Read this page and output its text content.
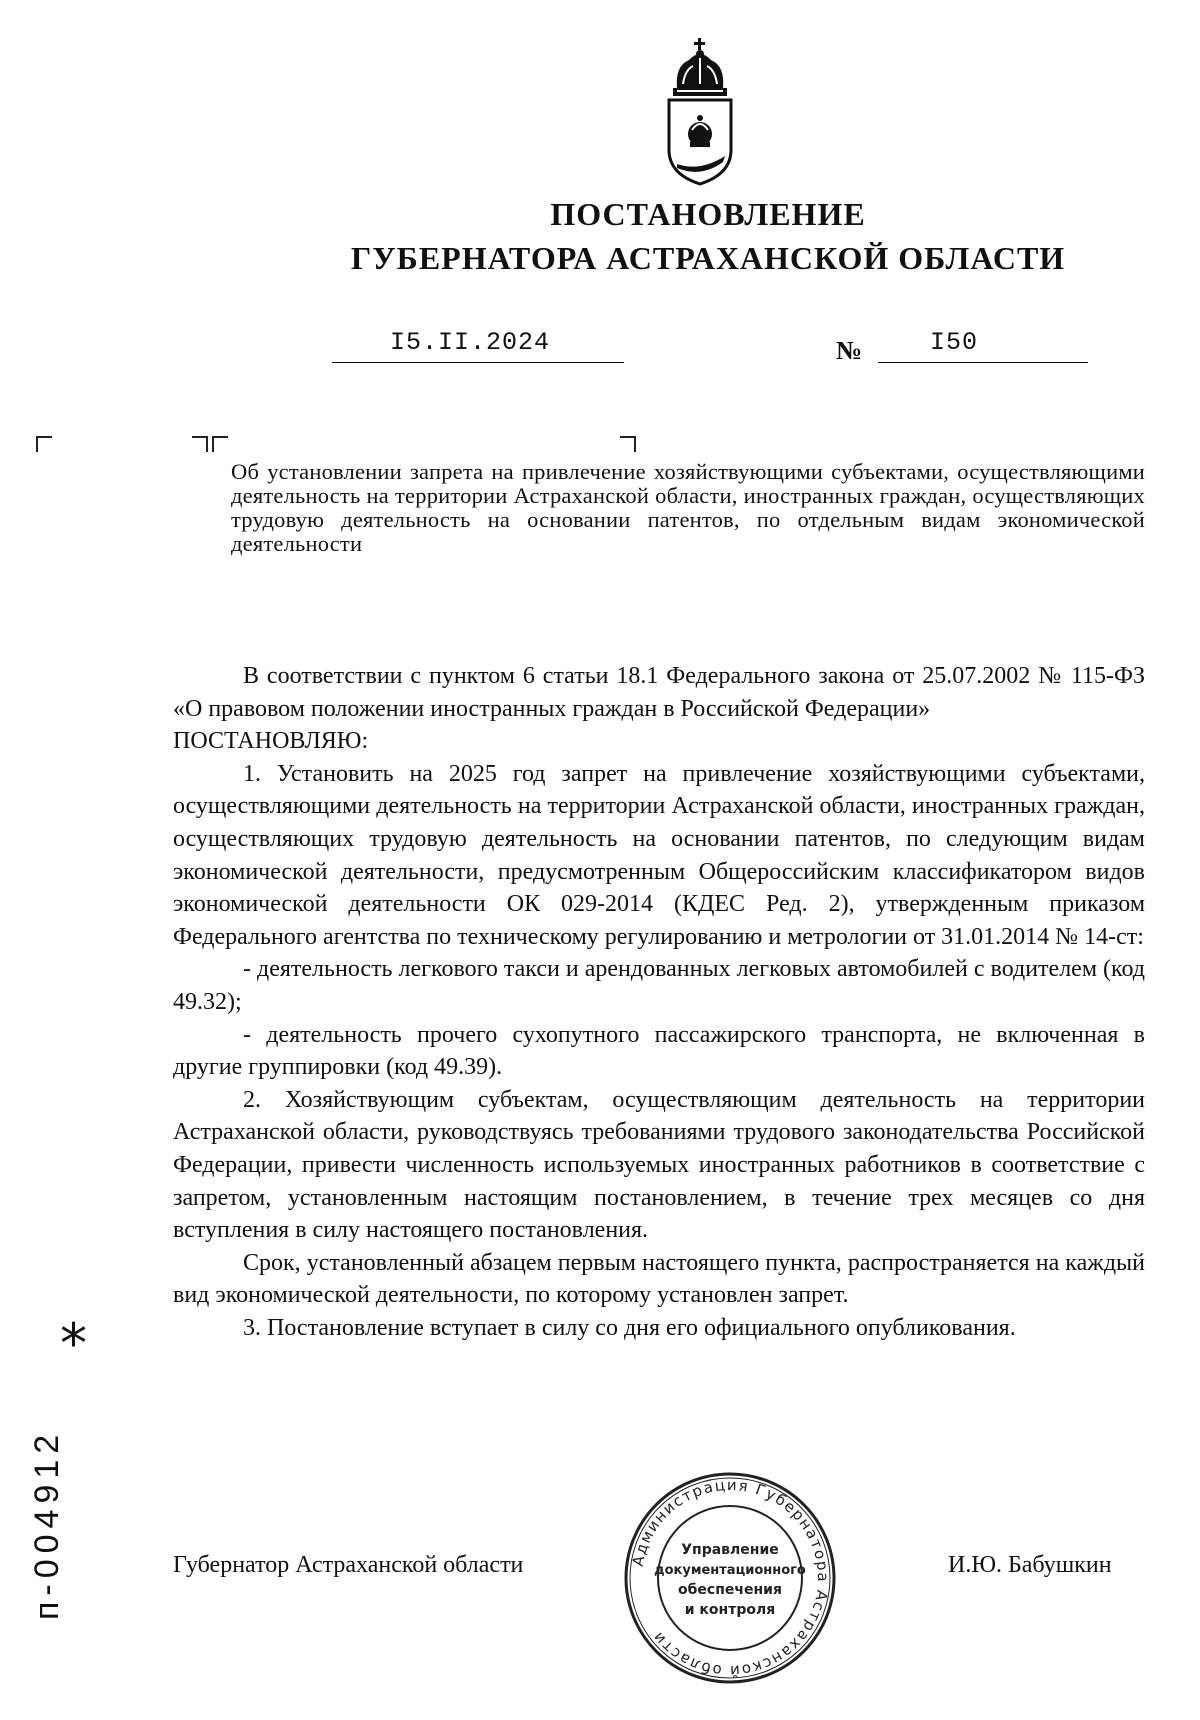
ПОСТАНОВЛЕНИЕ
ГУБЕРНАТОРА АСТРАХАНСКОЙ ОБЛАСТИ
I5.II.2024	№	I50
Об установлении запрета на привлечение хозяйствующими субъектами, осуществляющими деятельность на территории Астраханской области, иностранных граждан, осуществляющих трудовую деятельность на основании патентов, по отдельным видам экономической деятельности

В соответствии с пунктом 6 статьи 18.1 Федерального закона от 25.07.2002 № 115-ФЗ «О правовом положении иностранных граждан в Российской Федерации»

ПОСТАНОВЛЯЮ:

1. Установить на 2025 год запрет на привлечение хозяйствующими субъектами, осуществляющими деятельность на территории Астраханской области, иностранных граждан, осуществляющих трудовую деятельность на основании патентов, по следующим видам экономической деятельности, предусмотренным Общероссийским классификатором видов экономической деятельности ОК 029-2014 (КДЕС Ред. 2), утвержденным приказом Федерального агентства по техническому регулированию и метрологии от 31.01.2014 № 14-ст:

- деятельность легкового такси и арендованных легковых автомобилей с водителем (код 49.32);

- деятельность прочего сухопутного пассажирского транспорта, не включенная в другие группировки (код 49.39).

2. Хозяйствующим субъектам, осуществляющим деятельность на территории Астраханской области, руководствуясь требованиями трудового законодательства Российской Федерации, привести численность используемых иностранных работников в соответствие с запретом, установленным настоящим постановлением, в течение трех месяцев со дня вступления в силу настоящего постановления.

Срок, установленный абзацем первым настоящего пункта, распространяется на каждый вид экономической деятельности, по которому установлен запрет.

3. Постановление вступает в силу со дня его официального опубликования.

Губернатор Астраханской области	И.Ю. Бабушкин
Администрация Губернатора Астраханской области
Управление
документационного
обеспечения
и контроля
*
п-004912
